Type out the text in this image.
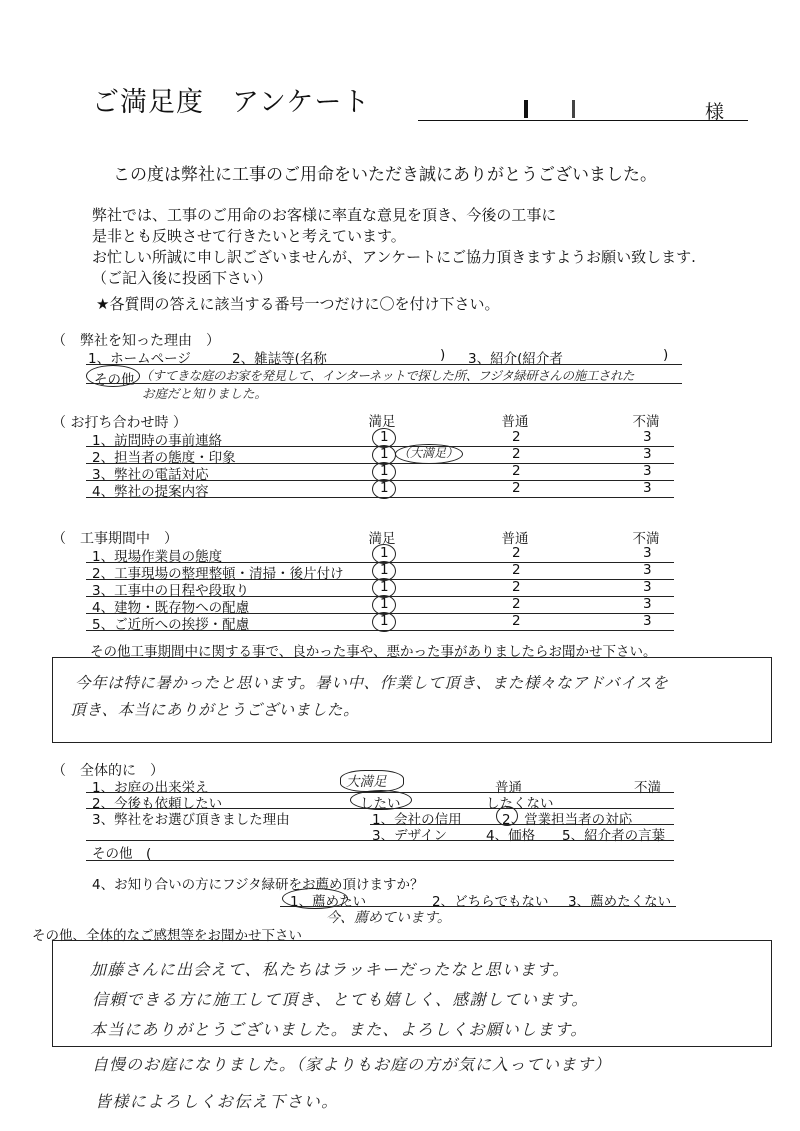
ご満足度　アンケート	様
この度は弊社に工事のご用命をいただき誠にありがとうございました。
弊社では、工事のご用命のお客様に率直な意見を頂き、今後の工事に
是非とも反映させて行きたいと考えています。
お忙しい所誠に申し訳ございませんが、アンケートにご協力頂きますようお願い致します.
（ご記入後に投函下さい）
★各質問の答えに該当する番号一つだけに〇を付け下さい。
（　弊社を知った理由　）
1、ホームページ	2、雑誌等(名称	) 3、紹介(紹介者	)
その他 （すてきな庭のお家を発見して、インターネットで探した所、フジタ緑研さんの施工された
お庭だと知りました。
（ お打ち合わせ時 ）	満足	普通	不満
1、訪問時の事前連絡	1	2	3
2、担当者の態度・印象	1 （大満足）	2	3
3、弊社の電話対応	1	2	3
4、弊社の提案内容	1	2	3
（　工事期間中　）	満足	普通	不満
1、現場作業員の態度	1	2	3
2、工事現場の整理整頓・清掃・後片付け	1	2	3
3、工事中の日程や段取り	1	2	3
4、建物・既存物への配慮	1	2	3
5、ご近所への挨拶・配慮	1	2	3
その他工事期間中に関する事で、良かった事や、悪かった事がありましたらお聞かせ下さい。
今年は特に暑かったと思います。暑い中、作業して頂き、また様々なアドバイスを
頂き、本当にありがとうございました。
（　全体的に　）
1、お庭の出来栄え	大満足	普通	不満
2、今後も依頼したい	したい	したくない
3、弊社をお選び頂きました理由	1、会社の信用	2、営業担当者の対応
3、デザイン	4、価格 5、紹介者の言葉
その他　(
4、お知り合いの方にフジタ緑研をお薦め頂けますか？
1、薦めたい	2、どちらでもない 3、薦めたくない
今、薦めています。
その他、全体的なご感想等をお聞かせ下さい
加藤さんに出会えて、私たちはラッキーだったなと思います。
信頼できる方に施工して頂き、とても嬉しく、感謝しています。
本当にありがとうございました。また、よろしくお願いします。
自慢のお庭になりました。（家よりもお庭の方が気に入っています）
皆様によろしくお伝え下さい。
